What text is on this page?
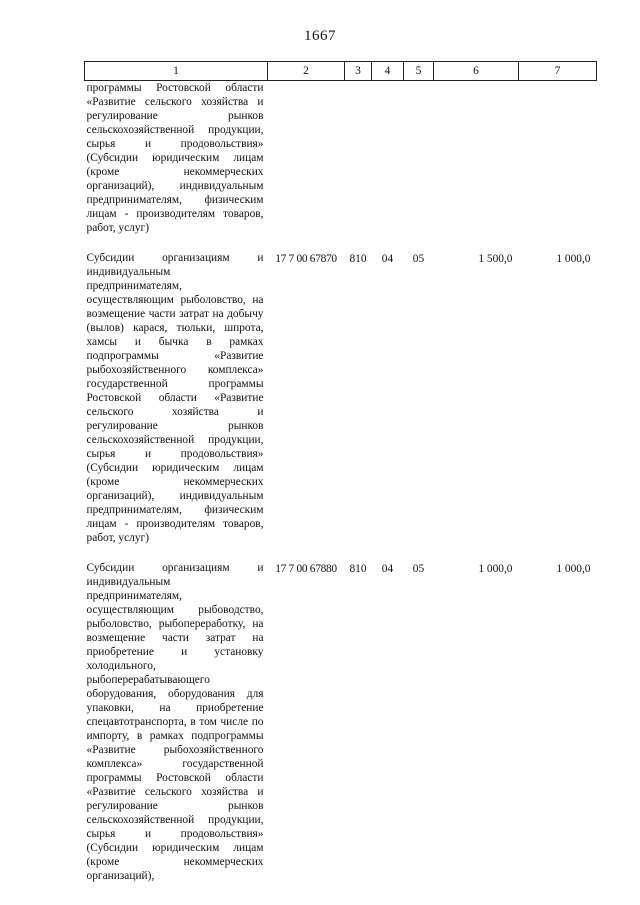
1667
1	2	3	4	5	6	7
программы Ростовской области «Развитие сельского хозяйства и регулирование рынков сельскохозяйственной продукции, сырья и продовольствия» (Субсидии юридическим лицам (кроме некоммерческих организаций), индивидуальным предпринимателям, физическим лицам - производителям товаров, работ, услуг)						

Субсидии организациям и индивидуальным предпринимателям, осуществляющим рыболовство, на возмещение части затрат на добычу (вылов) карася, тюльки, шпрота, хамсы и бычка в рамках подпрограммы «Развитие рыбохозяйственного комплекса» государственной программы Ростовской области «Развитие сельского хозяйства и регулирование рынков сельскохозяйственной продукции, сырья и продовольствия» (Субсидии юридическим лицам (кроме некоммерческих организаций), индивидуальным предпринимателям, физическим лицам - производителям товаров, работ, услуг)	17 7 00 67870	810	04	05	1 500,0	1 000,0

Субсидии организациям и индивидуальным предпринимателям, осуществляющим рыбоводство, рыболовство, рыбопереработку, на возмещение части затрат на приобретение и установку холодильного, рыбоперерабатывающего оборудования, оборудования для упаковки, на приобретение спецавтотранспорта, в том числе по импорту, в рамках подпрограммы «Развитие рыбохозяйственного комплекса» государственной программы Ростовской области «Развитие сельского хозяйства и регулирование рынков сельскохозяйственной продукции, сырья и продовольствия» (Субсидии юридическим лицам (кроме некоммерческих организаций),	17 7 00 67880	810	04	05	1 000,0	1 000,0
